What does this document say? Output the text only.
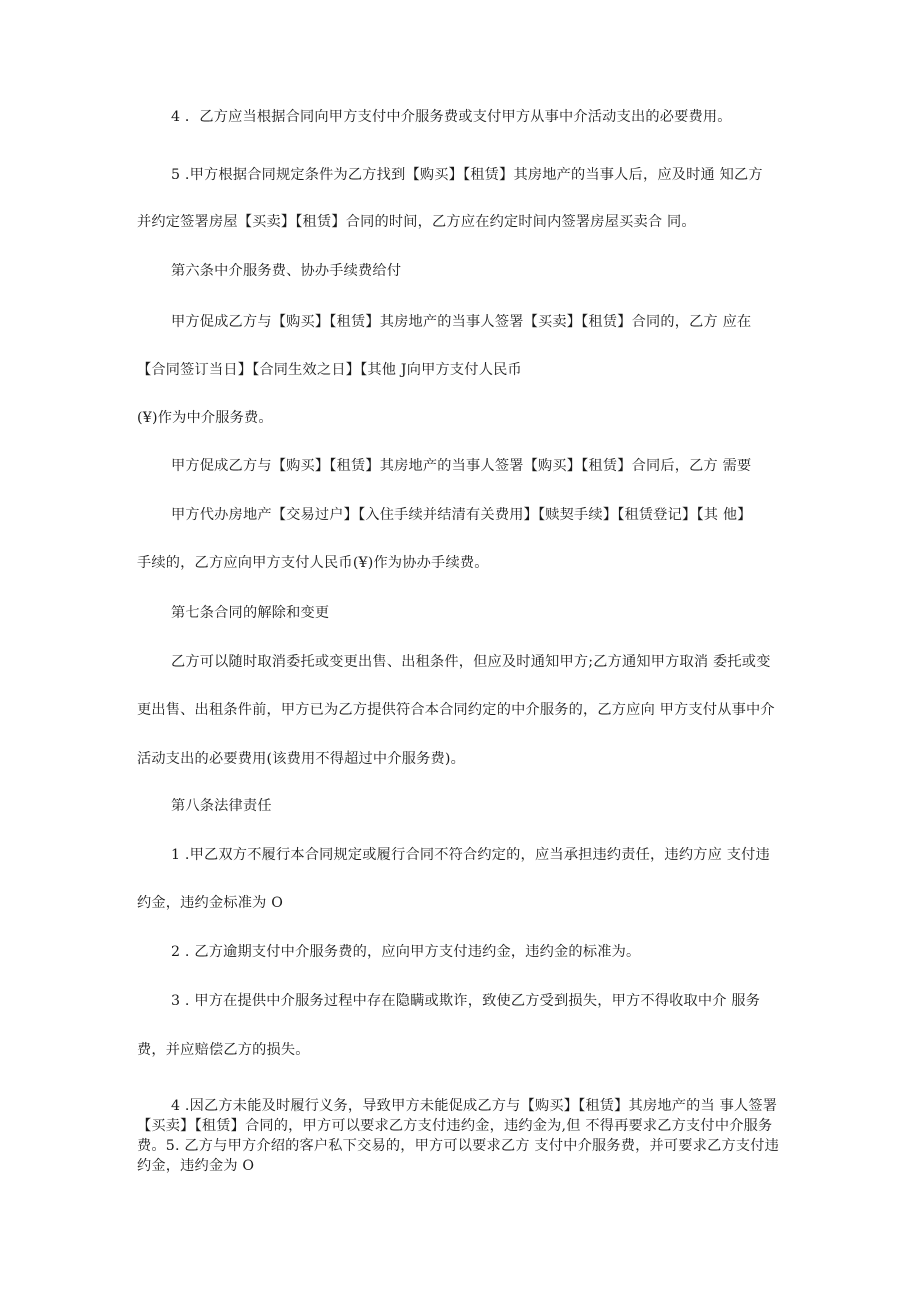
4 ．乙方应当根据合同向甲方支付中介服务费或支付甲方从事中介活动支出的必要费用。
5 .甲方根据合同规定条件为乙方找到【购买】【租赁】其房地产的当事人后，应及时通 知乙方
并约定签署房屋【买卖】【租赁】合同的时间，乙方应在约定时间内签署房屋买卖合 同。
第六条中介服务费、协办手续费给付
甲方促成乙方与【购买】【租赁】其房地产的当事人签署【买卖】【租赁】合同的，乙方 应在
【合同签订当日】【合同生效之日】【其他 J向甲方支付人民币
(¥)作为中介服务费。
甲方促成乙方与【购买】【租赁】其房地产的当事人签署【购买】【租赁】合同后，乙方 需要
甲方代办房地产【交易过户】【入住手续并结清有关费用】【赎契手续】【租赁登记】【其 他】
手续的，乙方应向甲方支付人民币(¥)作为协办手续费。
第七条合同的解除和变更
乙方可以随时取消委托或变更出售、出租条件，但应及时通知甲方;乙方通知甲方取消 委托或变
更出售、出租条件前，甲方已为乙方提供符合本合同约定的中介服务的，乙方应向 甲方支付从事中介
活动支出的必要费用(该费用不得超过中介服务费)。
第八条法律责任
1 .甲乙双方不履行本合同规定或履行合同不符合约定的，应当承担违约责任，违约方应 支付违
约金，违约金标准为 O
2 . 乙方逾期支付中介服务费的，应向甲方支付违约金，违约金的标准为。
3 . 甲方在提供中介服务过程中存在隐瞒或欺诈，致使乙方受到损失，甲方不得收取中介 服务
费，并应赔偿乙方的损失。
4 .因乙方未能及时履行义务，导致甲方未能促成乙方与【购买】【租赁】其房地产的当 事人签署【买卖】【租赁】合同的，甲方可以要求乙方支付违约金，违约金为,但 不得再要求乙方支付中介服务费。5. 乙方与甲方介绍的客户私下交易的，甲方可以要求乙方 支付中介服务费，并可要求乙方支付违约金，违约金为 O
